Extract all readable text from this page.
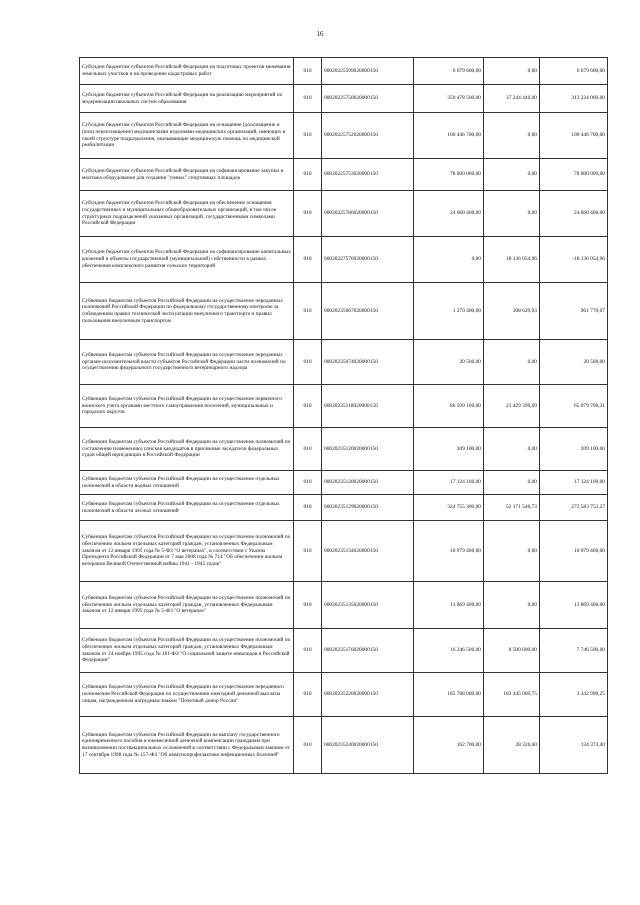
16
Субсидии бюджетам субъектов Российской Федерации на подготовку проектов межевания земельных участков и на проведение кадастровых работ	010	00020225599020000150	6 679 600,00	0,00	6 679 600,00
Субсидии бюджетам субъектов Российской Федерации на реализацию мероприятий по модернизации школьных систем образования	010	00020225750020000150	350 478 500,00	37 244 440,00	313 234 060,00
Субсидии бюджетам субъектов Российской Федерации на оснащение (дооснащение и (или) переоснащение) медицинскими изделиями медицинских организаций, имеющих в своей структуре подразделения, оказывающие медицинскую помощь по медицинской реабилитации	010	00020225752020000150	100 446 700,00	0,00	100 446 700,00
Субсидии бюджетам субъектов Российской Федерации на софинансирование закупки и монтажа оборудования для создания "умных" спортивных площадок	010	00020225753020000150	78 000 000,00	0,00	78 000 000,00
Субсидии бюджетам субъектов Российской Федерации на обеспечение оснащения государственных и муниципальных общеобразовательных организаций, в том числе структурных подразделений указанных организаций, государственными символами Российской Федерации	010	00020225786020000150	24 660 400,00	0,00	24 660 400,00
Субсидии бюджетам субъектов Российской Федерации на софинансирование капитальных вложений в объекты государственной (муниципальной) собственности в рамках обеспечения комплексного развития сельских территорий	010	00020227576020000150	0,00	18 136 054,96	-18 136 054,96
Субвенции бюджетам субъектов Российской Федерации на осуществление переданных полномочий Российской Федерации по федеральному государственному контролю за соблюдением правил технической эксплуатации внеуличного транспорта и правил пользования внеуличным транспортом	010	00020235067020000150	1 270 400,00	308 629,93	961 770,07
Субвенции бюджетам субъектов Российской Федерации на осуществление переданных органам исполнительной власти субъектов Российской Федерации части полномочий по осуществлению федерального государственного ветеринарного надзора	010	00020235074020000150	20 500,00	0,00	20 500,00
Субвенции бюджетам субъектов Российской Федерации на осуществление первичного воинского учета органами местного самоуправления поселений, муниципальных и городских округов	010	00020235118020000150	86 509 100,00	21 429 399,69	65 079 700,31
Субвенции бюджетам субъектов Российской Федерации на осуществление полномочий по составлению (изменению) списков кандидатов в присяжные заседатели федеральных судов общей юрисдикции в Российской Федерации	010	00020235120020000150	209 100,00	0,00	209 100,00
Субвенции бюджетам субъектов Российской Федерации на осуществление отдельных полномочий в области водных отношений	010	00020235128020000150	17 124 100,00	0,00	17 124 100,00
Субвенции бюджетам субъектов Российской Федерации на осуществление отдельных полномочий в области лесных отношений	010	00020235129020000150	324 755 300,00	52 171 546,73	272 583 753,27
Субвенции бюджетам субъектов Российской Федерации на осуществление полномочий по обеспечению жильем отдельных категорий граждан, установленных Федеральным законом от 12 января 1995 года № 5-ФЗ "О ветеранах", в соответствии с Указом Президента Российской Федерации от 7 мая 2008 года № 714 "Об обеспечении жильем ветеранов Великой Отечественной войны 1941 - 1945 годов"	010	00020235134020000150	10 079 400,00	0,00	10 079 400,00
Субвенции бюджетам субъектов Российской Федерации на осуществление полномочий по обеспечению жильем отдельных категорий граждан, установленных Федеральным законом от 12 января 1995 года № 5-ФЗ "О ветеранах"	010	00020235135020000150	13 869 400,00	0,00	13 869 400,00
Субвенции бюджетам субъектов Российской Федерации на осуществление полномочий по обеспечению жильем отдельных категорий граждан, установленных Федеральным законом от 24 ноября 1995 года № 181-ФЗ "О социальной защите инвалидов в Российской Федерации"	010	00020235176020000150	16 246 500,00	8 500 000,00	7 746 500,00
Субвенции бюджетам субъектов Российской Федерации на осуществление переданного полномочия Российской Федерации по осуществлению ежегодной денежной выплаты лицам, награжденным нагрудным знаком "Почетный донор России"	010	00020235220020000150	185 788 000,00	182 445 009,75	3 342 990,25
Субвенции бюджетам субъектов Российской Федерации на выплату государственного единовременного пособия и ежемесячной денежной компенсации гражданам при возникновении поствакцинальных осложнений в соответствии с Федеральным законом от 17 сентября 1998 года № 157-ФЗ "Об иммунопрофилактике инфекционных болезней"	010	00020235240020000150	162 700,00	28 326,60	134 373,40
